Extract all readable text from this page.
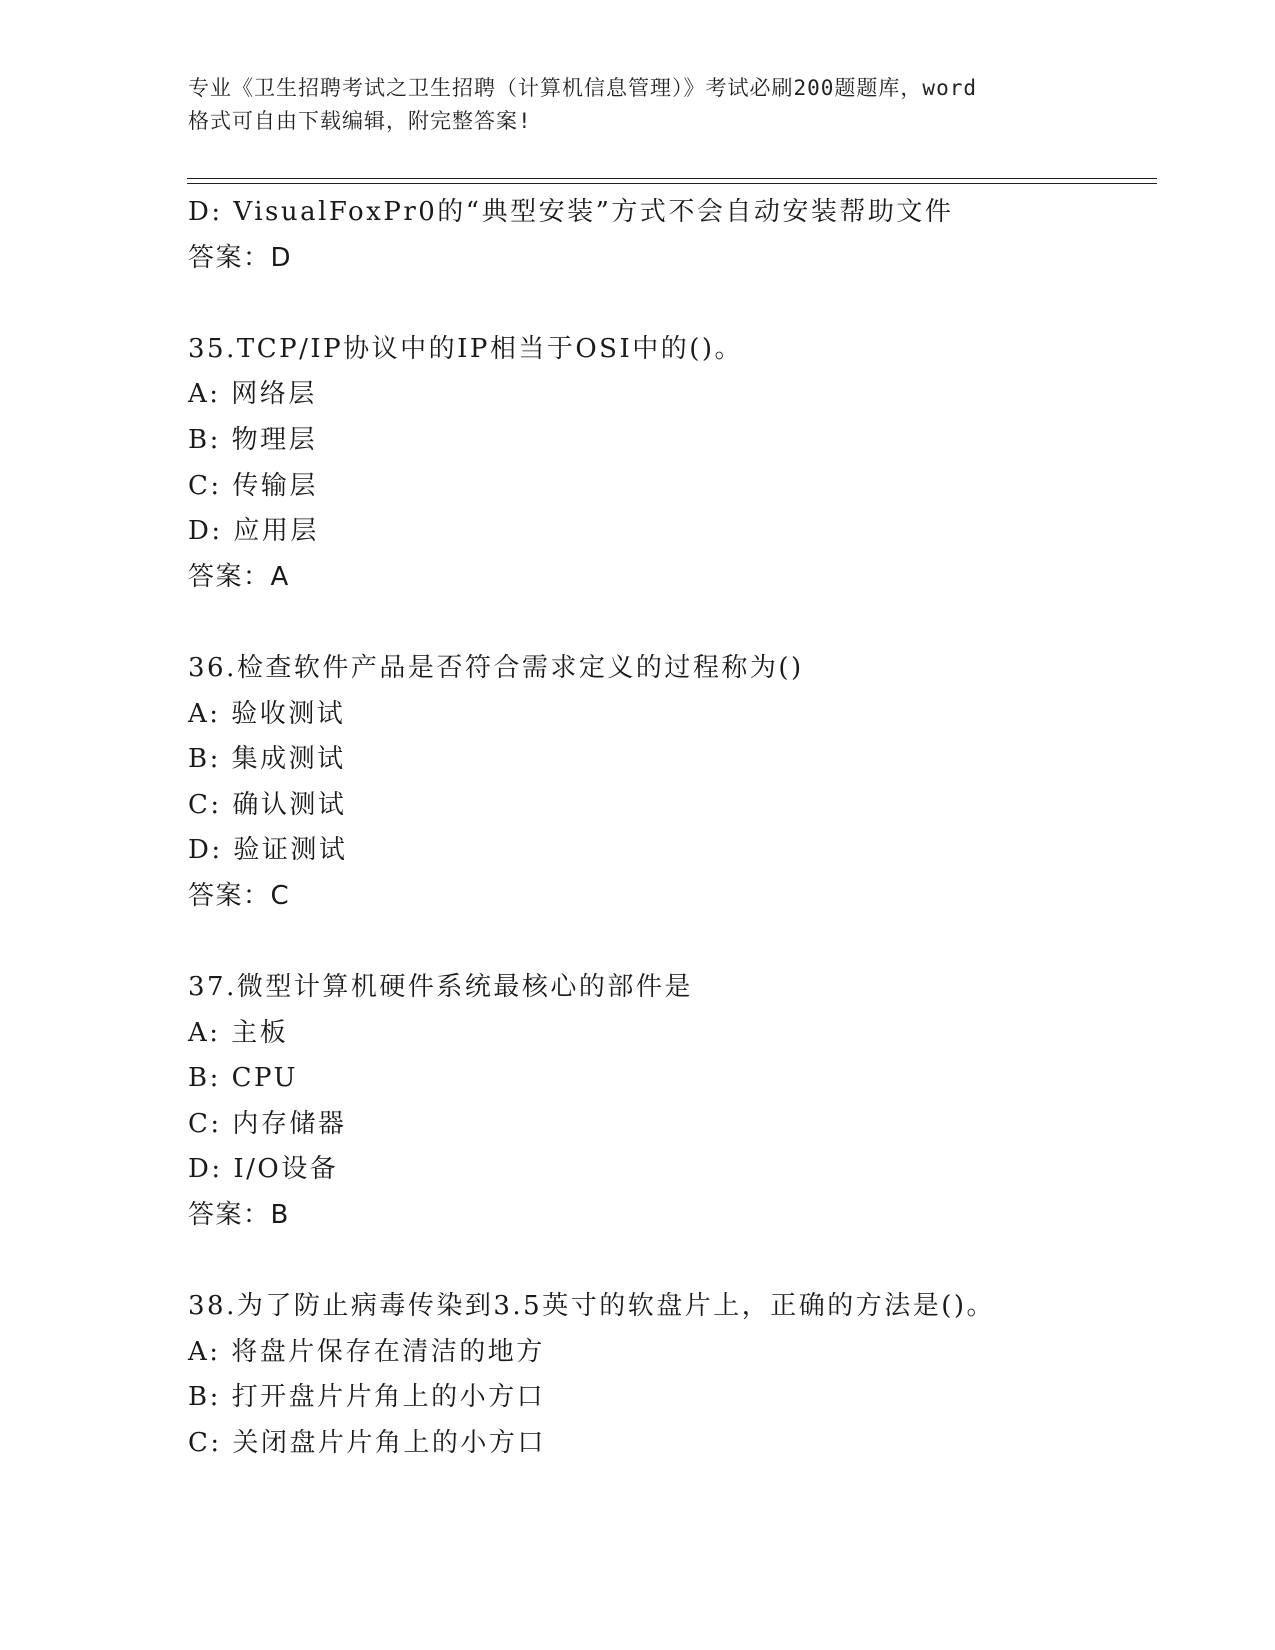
专业《卫生招聘考试之卫生招聘（计算机信息管理）》考试必刷200题题库，word
格式可自由下载编辑，附完整答案!
D: VisualFoxPr0的“典型安装”方式不会自动安装帮助文件
答案：D
35.TCP/IP协议中的IP相当于OSI中的()。
A: 网络层
B: 物理层
C: 传输层
D: 应用层
答案：A
36.检查软件产品是否符合需求定义的过程称为()
A: 验收测试
B: 集成测试
C: 确认测试
D: 验证测试
答案：C
37.微型计算机硬件系统最核心的部件是
A: 主板
B: CPU
C: 内存储器
D: I/O设备
答案：B
38.为了防止病毒传染到3.5英寸的软盘片上，正确的方法是()。
A: 将盘片保存在清洁的地方
B: 打开盘片片角上的小方口
C: 关闭盘片片角上的小方口
